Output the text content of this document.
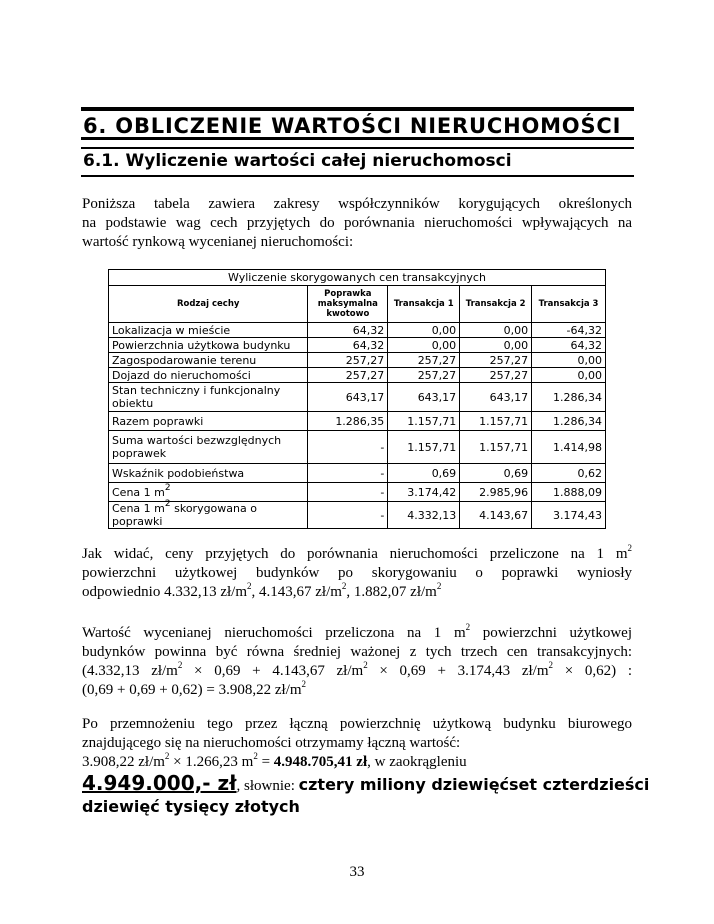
6. OBLICZENIE WARTOŚCI NIERUCHOMOŚCI
6.1. Wyliczenie wartości całej nieruchomosci
Poniższa tabela zawiera zakresy współczynników korygujących określonych
na podstawie wag cech przyjętych do porównania nieruchomości wpływających na
wartość rynkową wycenianej nieruchomości:
Wyliczenie skorygowanych cen transakcyjnych				
Rodzaj cechy	Poprawka maksymalna kwotowo	Transakcja 1	Transakcja 2	Transakcja 3
Lokalizacja w mieście	64,32	0,00	0,00	-64,32
Powierzchnia użytkowa budynku	64,32	0,00	0,00	64,32
Zagospodarowanie terenu	257,27	257,27	257,27	0,00
Dojazd do nieruchomości	257,27	257,27	257,27	0,00
Stan techniczny i funkcjonalny obiektu	643,17	643,17	643,17	1.286,34
Razem poprawki	1.286,35	1.157,71	1.157,71	1.286,34
Suma wartości bezwzględnych poprawek	-	1.157,71	1.157,71	1.414,98
Wskaźnik podobieństwa	-	0,69	0,69	0,62
Cena 1 $m^2$	-	3.174,42	2.985,96	1.888,09
Cena 1 $m^2$ skorygowana o poprawki	-	4.332,13	4.143,67	3.174,43
Jak widać, ceny przyjętych do porównania nieruchomości przeliczone na 1 $m^2$
powierzchni użytkowej budynków po skorygowaniu o poprawki wyniosły
odpowiednio 4.332,13 $zł/m^2$, 4.143,67 $zł/m^2$, 1.882,07 $zł/m^2$
Wartość wycenianej nieruchomości przeliczona na 1 $m^2$ powierzchni użytkowej
budynków powinna być równa średniej ważonej z tych trzech cen transakcyjnych:
(4.332,13 $zł/m^2 \times 0,69 + 4.143,67$ $zł/m^2 \times 0,69 + 3.174,43$ $zł/m^2 \times 0,62$) :
(0,69 + 0,69 + 0,62) = 3.908,22 $zł/m^2$
Po przemnożeniu tego przez łączną powierzchnię użytkową budynku biurowego
znajdującego się na nieruchomości otrzymamy łączną wartość:
3.908,22 $zł/m^2 \times 1.266,23$ $m^2 = 4.948.705,41$ zł, w zaokrągleniu
4.949.000,- zł, słownie: cztery miliony dziewięćset czterdzieści
dziewięć tysięcy złotych
33
